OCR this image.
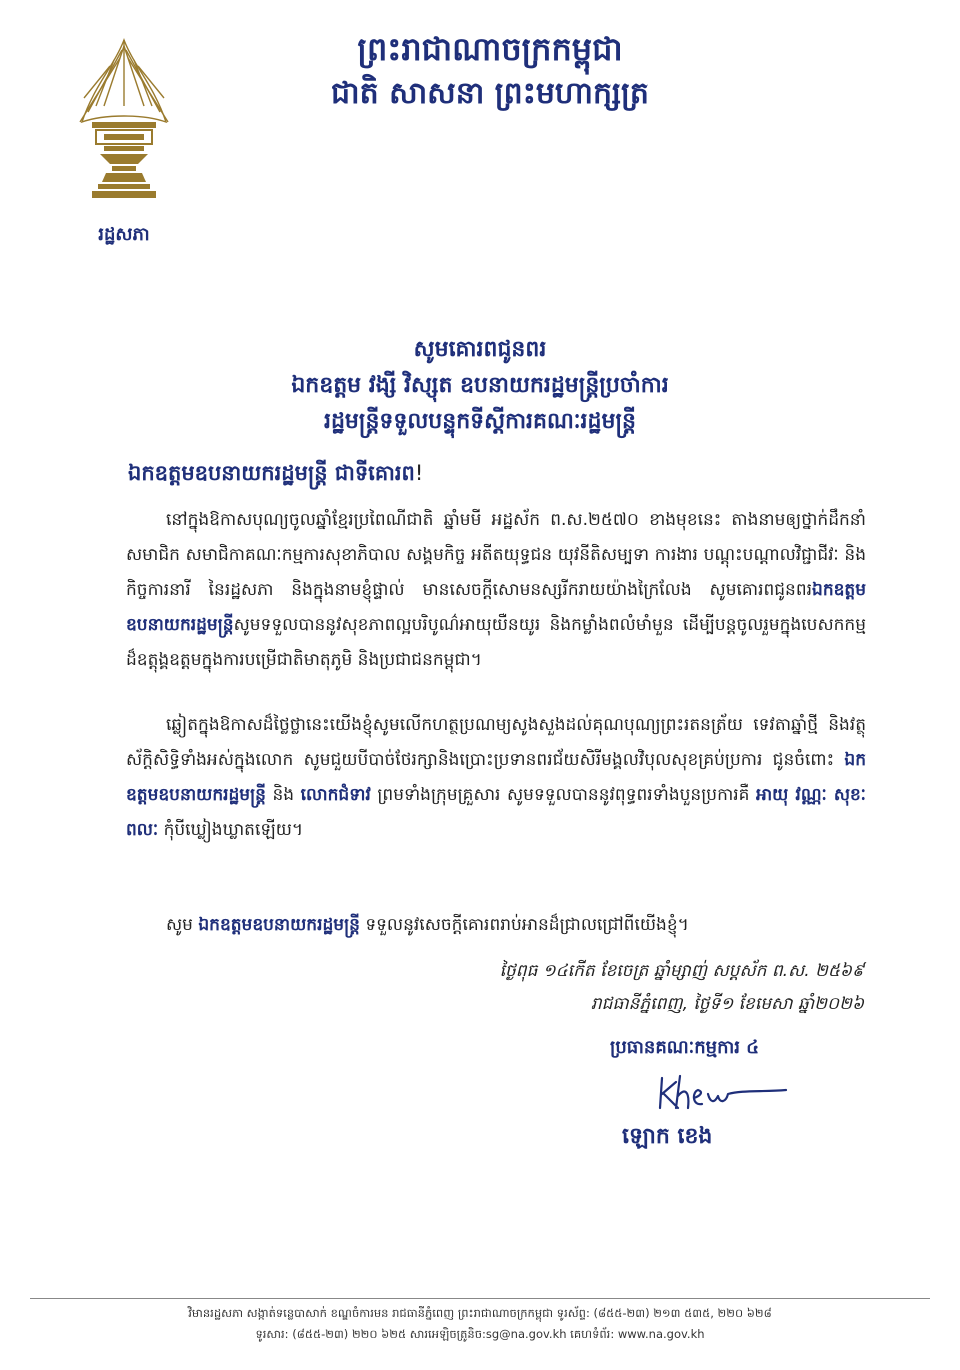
ព្រះរាជាណាចក្រកម្ពុជា
ជាតិ សាសនា ព្រះមហាក្សត្រ
រដ្ឋសភា
សូមគោរពជូនពរ
ឯកឧត្តម វង្សី វិស្សុត ឧបនាយករដ្ឋមន្ត្រីប្រចាំការ
រដ្ឋមន្ត្រីទទួលបន្ទុកទីស្តីការគណៈរដ្ឋមន្ត្រី
ឯកឧត្តមឧបនាយករដ្ឋមន្ត្រី ជាទីគោរព!
នៅក្នុងឱកាសបុណ្យចូលឆ្នាំខ្មែរប្រពៃណីជាតិ ឆ្នាំមមី អដ្ឋស័ក ព.ស.២៥៧០ ខាងមុខនេះ តាងនាមឲ្យថ្នាក់ដឹកនាំ សមាជិក សមាជិកាគណៈកម្មការសុខាភិបាល សង្គមកិច្ច អតីតយុទ្ធជន យុវនីតិសម្បទា ការងារ បណ្តុះបណ្តាលវិជ្ជាជីវៈ និងកិច្ចការនារី នៃរដ្ឋសភា និងក្នុងនាមខ្ញុំផ្ទាល់ មានសេចក្តីសោមនស្សរីករាយយ៉ាងក្រៃលែង សូមគោរពជូនពរឯកឧត្តមឧបនាយករដ្ឋមន្ត្រីសូមទទួលបាននូវសុខភាពល្អបរិបូណ៌អាយុយឺនយូរ និងកម្លាំងពលំមាំមួន ដើម្បីបន្តចូលរួមក្នុងបេសកកម្មដ៏ឧត្តុង្គឧត្តមក្នុងការបម្រើជាតិមាតុភូមិ និងប្រជាជនកម្ពុជា។
ឆ្លៀតក្នុងឱកាសដ៏ថ្លៃថ្លានេះយើងខ្ញុំសូមលើកហត្ថប្រណម្យសូងសួងដល់គុណបុណ្យព្រះរតនត្រ័យ ទេវតាឆ្នាំថ្មី និងវត្ថុស័ក្តិសិទ្ធិទាំងអស់ក្នុងលោក សូមជួយបីបាច់ថែរក្សានិងប្រោះប្រទានពរជ័យសិរីមង្គលវិបុលសុខគ្រប់ប្រការ ជូនចំពោះ ឯកឧត្តមឧបនាយករដ្ឋមន្ត្រី និង លោកជំទាវ ព្រមទាំងក្រុមគ្រួសារ សូមទទួលបាននូវពុទ្ធពរទាំងបួនប្រការគឺ អាយុ វណ្ណៈ សុខៈ ពលៈ កុំបីឃ្លៀងឃ្លាតឡើយ។
សូម ឯកឧត្តមឧបនាយករដ្ឋមន្ត្រី ទទួលនូវសេចក្តីគោរពរាប់អានដ៏ជ្រាលជ្រៅពីយើងខ្ញុំ។
ថ្ងៃពុធ ១៤កើត ខែចេត្រ ឆ្នាំម្សាញ់ សប្តស័ក ព.ស. ២៥៦៩
រាជធានីភ្នំពេញ, ថ្ងៃទី១ ខែមេសា ឆ្នាំ២០២៦
ប្រធានគណៈកម្មការ ៤
ឡោក ខេង
វិមានរដ្ឋសភា សង្កាត់ទន្លេបាសាក់ ខណ្ឌចំការមន រាជធានីភ្នំពេញ ព្រះរាជាណាចក្រកម្ពុជា ទូរស័ព្ទ: (៨៥៥-២៣) ២១៣ ៥៣៥, ២២០ ៦២៨
ទូរសារ: (៨៥៥-២៣) ២២០ ៦២៥ សារអេឡិចត្រូនិច:sg@na.gov.kh គេហទំព័រ: www.na.gov.kh
